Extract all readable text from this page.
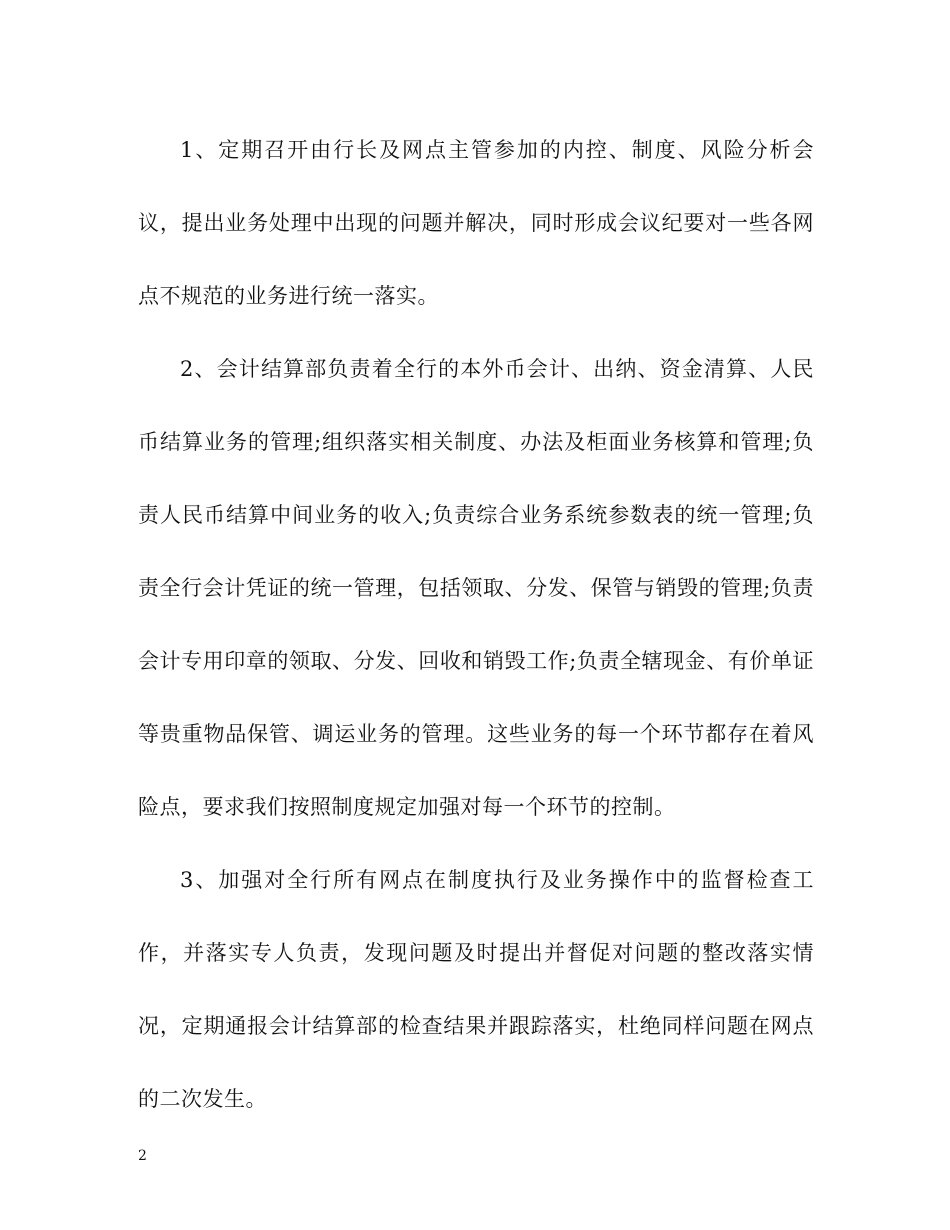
1、定期召开由行长及网点主管参加的内控、制度、风险分析会议，提出业务处理中出现的问题并解决，同时形成会议纪要对一些各网点不规范的业务进行统一落实。

2、会计结算部负责着全行的本外币会计、出纳、资金清算、人民币结算业务的管理;组织落实相关制度、办法及柜面业务核算和管理;负责人民币结算中间业务的收入;负责综合业务系统参数表的统一管理;负责全行会计凭证的统一管理，包括领取、分发、保管与销毁的管理;负责会计专用印章的领取、分发、回收和销毁工作;负责全辖现金、有价单证等贵重物品保管、调运业务的管理。这些业务的每一个环节都存在着风险点，要求我们按照制度规定加强对每一个环节的控制。

3、加强对全行所有网点在制度执行及业务操作中的监督检查工作，并落实专人负责，发现问题及时提出并督促对问题的整改落实情况，定期通报会计结算部的检查结果并跟踪落实，杜绝同样问题在网点的二次发生。

2
